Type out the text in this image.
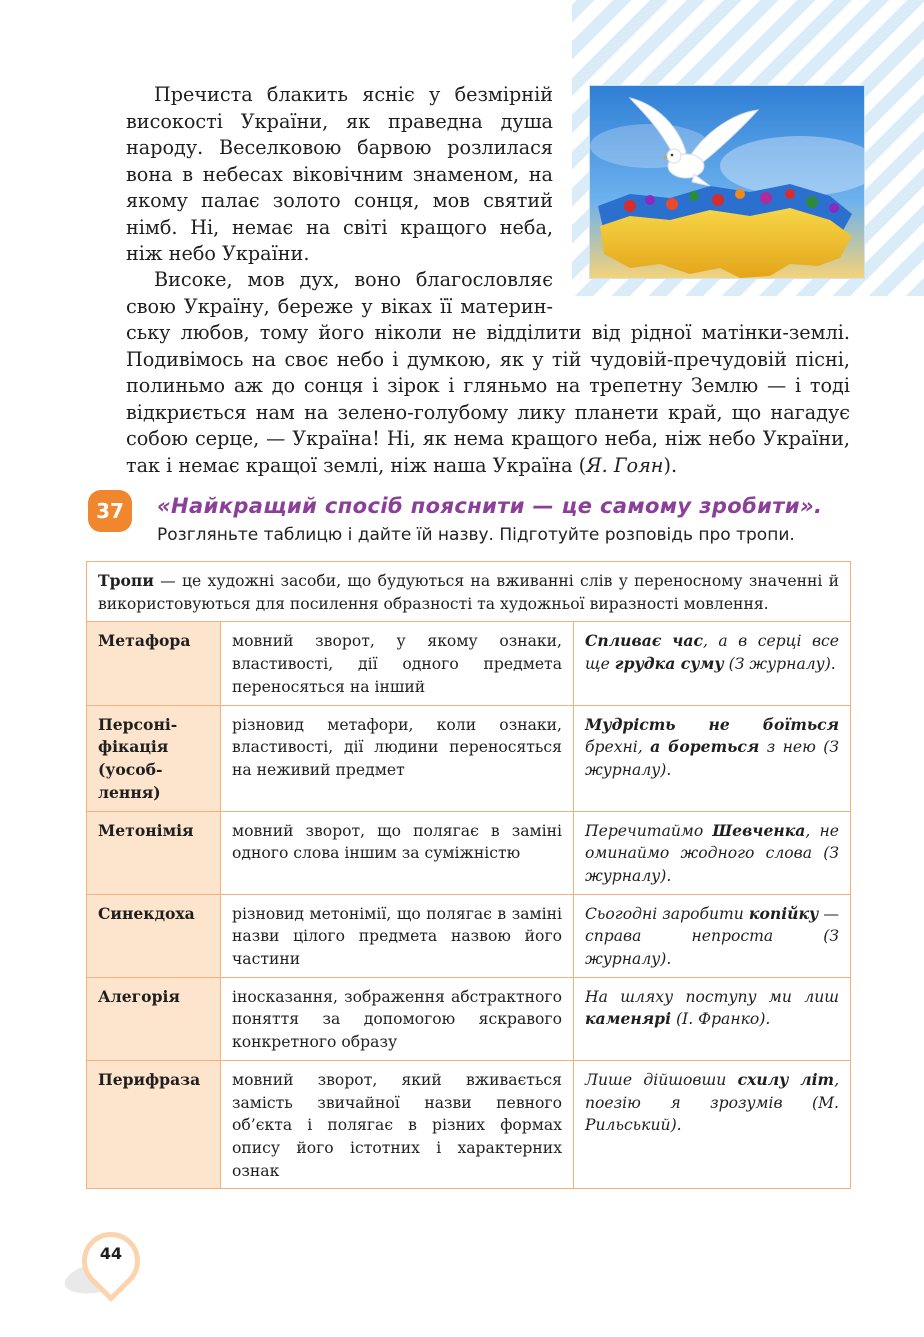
Пречиста блакить ясніє у безмірній високості України, як праведна душа народу. Веселковою барвою розлилася вона в небесах віковічним знаменом, на якому палає золото сонця, мов святий німб. Ні, немає на світі кращого неба, ніж небо України.

Високе, мов дух, воно благословляє свою Україну, береже у віках її материн-

ську любов, тому його ніколи не відділити від рідної матінки-землі. Подивімось на своє небо і думкою, як у тій чудовій-пречудовій пісні, полиньмо аж до сонця і зірок і гляньмо на трепетну Землю — і тоді відкриється нам на зелено-голубому лику планети край, що нагадує собою серце, — Україна! Ні, як нема кращого неба, ніж небо України, так і немає кращої землі, ніж наша Україна (Я. Гоян).

37	«Найкращий спосіб пояснити — це самому зробити».

Розгляньте таблицю і дайте їй назву. Підготуйте розповідь про тропи.

Тропи — це художні засоби, що будуються на вживанні слів у переносному значенні й використовуються для посилення образності та художньої виразності мовлення.		
Метафора	мовний зворот, у якому ознаки, властивості, дії одного предмета переносяться на інший	Спливає час, а в серці все ще грудка суму (З журналу).
Персоні-фікація (уособ-лення)	різновид метафори, коли ознаки, властивості, дії людини переносяться на неживий предмет	Мудрість не боїться брехні, а бореться з нею (З журналу).
Метонімія	мовний зворот, що полягає в заміні одного слова іншим за суміжністю	Перечитаймо Шевченка, не оминаймо жодного слова (З журналу).
Синекдоха	різновид метонімії, що полягає в заміні назви цілого предмета назвою його частини	Сьогодні заробити копійку — справа непроста (З журналу).
Алегорія	іносказання, зображення абстрактного поняття за допомогою яскравого конкретного образу	На шляху поступу ми лиш каменярі (І. Франко).
Перифраза	мовний зворот, який вживається замість звичайної назви певного об’єкта і полягає в різних формах опису його істотних і характерних ознак	Лише дійшовши схилу літ, поезію я зрозумів (М. Рильський).
44
